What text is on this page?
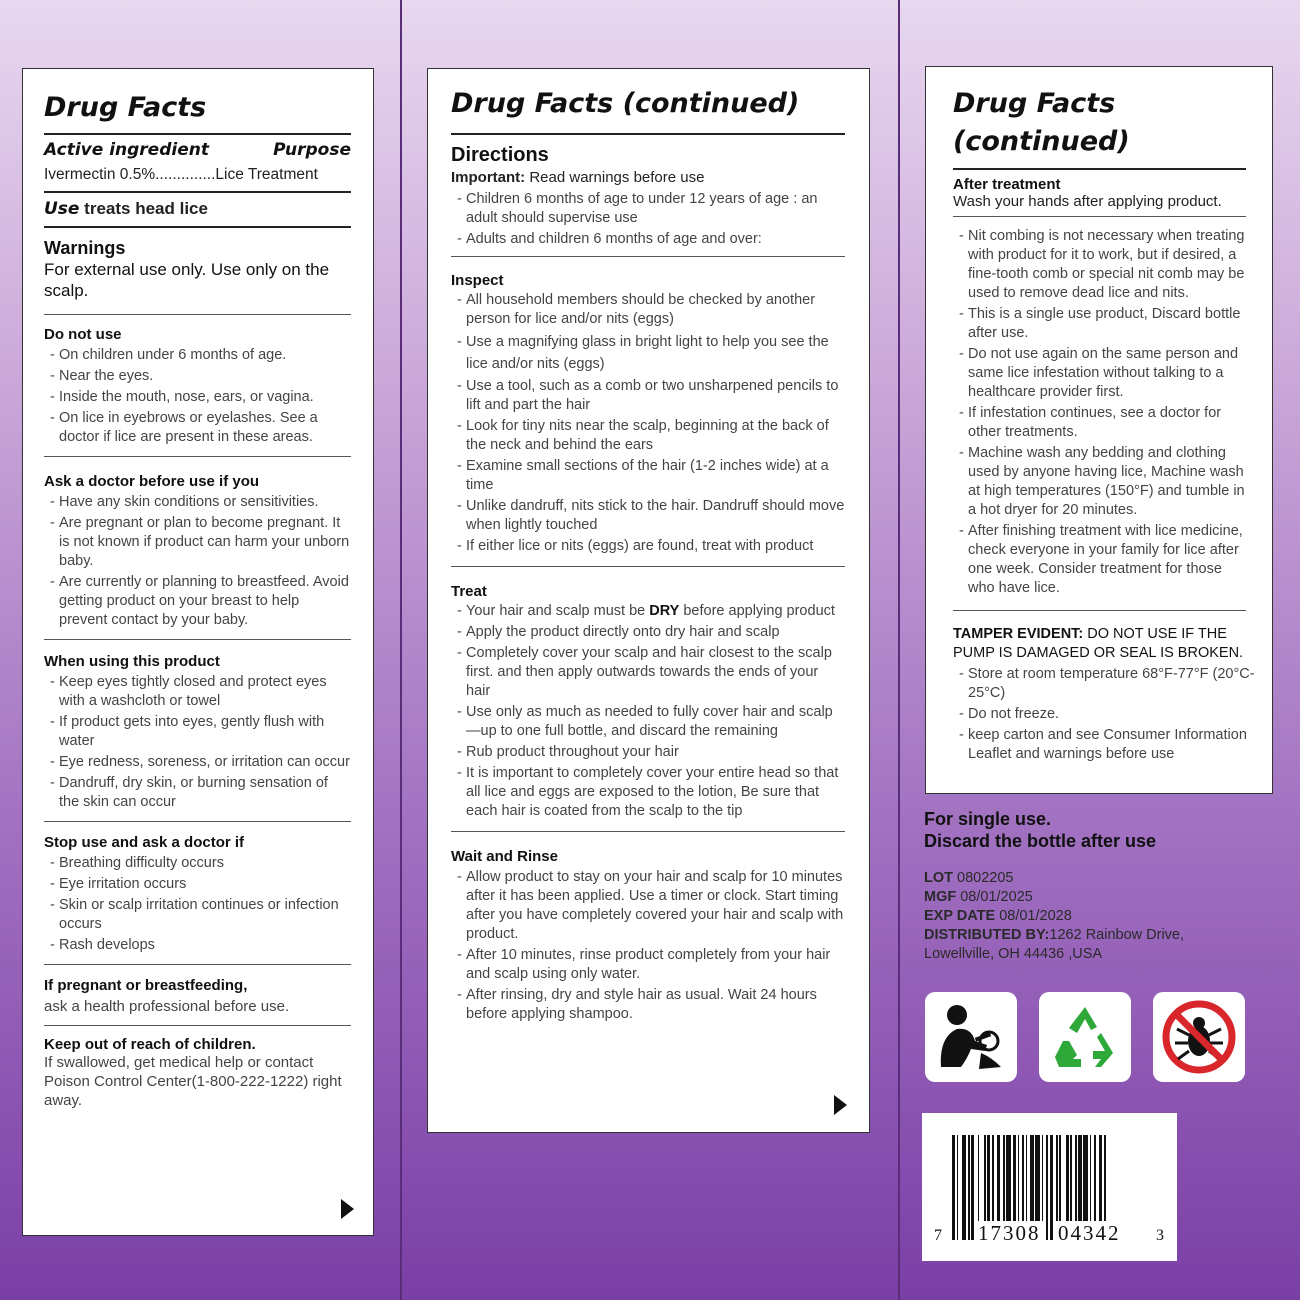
Drug Facts
Active ingredient	Purpose
Ivermectin 0.5%..............Lice Treatment
Use treats head lice
Warnings
For external use only. Use only on the scalp.
Do not use
- On children under 6 months of age.
- Near the eyes.
- Inside the mouth, nose, ears, or vagina.
- On lice in eyebrows or eyelashes. See a doctor if lice are present in these areas.
Ask a doctor before use if you
- Have any skin conditions or sensitivities.
- Are pregnant or plan to become pregnant. It is not known if product can harm your unborn baby.
- Are currently or planning to breastfeed. Avoid getting product on your breast to help prevent contact by your baby.
When using this product
- Keep eyes tightly closed and protect eyes with a washcloth or towel
- If product gets into eyes, gently flush with water
- Eye redness, soreness, or irritation can occur
- Dandruff, dry skin, or burning sensation of the skin can occur
Stop use and ask a doctor if
- Breathing difficulty occurs
- Eye irritation occurs
- Skin or scalp irritation continues or infection occurs
- Rash develops
If pregnant or breastfeeding,
ask a health professional before use.
Keep out of reach of children.
If swallowed, get medical help or contact Poison Control Center(1-800-222-1222) right away.
Drug Facts (continued)
Directions
Important: Read warnings before use
- Children 6 months of age to under 12 years of age : an adult should supervise use
- Adults and children 6 months of age and over:
Inspect
- All household members should be checked by another person for lice and/or nits (eggs)
- Use a magnifying glass in bright light to help you see the lice and/or nits (eggs)
- Use a tool, such as a comb or two unsharpened pencils to lift and part the hair
- Look for tiny nits near the scalp, beginning at the back of the neck and behind the ears
- Examine small sections of the hair (1-2 inches wide) at a time
- Unlike dandruff, nits stick to the hair. Dandruff should move when lightly touched
- If either lice or nits (eggs) are found, treat with product
Treat
- Your hair and scalp must be DRY before applying product
- Apply the product directly onto dry hair and scalp
- Completely cover your scalp and hair closest to the scalp first. and then apply outwards towards the ends of your hair
- Use only as much as needed to fully cover hair and scalp—up to one full bottle, and discard the remaining
- Rub product throughout your hair
- It is important to completely cover your entire head so that all lice and eggs are exposed to the lotion, Be sure that each hair is coated from the scalp to the tip
Wait and Rinse
- Allow product to stay on your hair and scalp for 10 minutes after it has been applied. Use a timer or clock. Start timing after you have completely covered your hair and scalp with product.
- After 10 minutes, rinse product completely from your hair and scalp using only water.
- After rinsing, dry and style hair as usual. Wait 24 hours before applying shampoo.
Drug Facts (continued)
After treatment
Wash your hands after applying product.
- Nit combing is not necessary when treating with product for it to work, but if desired, a fine-tooth comb or special nit comb may be used to remove dead lice and nits.
- This is a single use product, Discard bottle after use.
- Do not use again on the same person and same lice infestation without talking to a healthcare provider first.
- If infestation continues, see a doctor for other treatments.
- Machine wash any bedding and clothing used by anyone having lice, Machine wash at high temperatures (150°F) and tumble in a hot dryer for 20 minutes.
- After finishing treatment with lice medicine, check everyone in your family for lice after one week. Consider treatment for those who have lice.
TAMPER EVIDENT: DO NOT USE IF THE PUMP IS DAMAGED OR SEAL IS BROKEN.
- Store at room temperature 68°F-77°F (20°C-25°C)
- Do not freeze.
- keep carton and see Consumer Information Leaflet and warnings before use
For single use.
Discard the bottle after use
LOT 0802205
MGF 08/01/2025
EXP DATE 08/01/2028
DISTRIBUTED BY:1262 Rainbow Drive,
Lowellville, OH 44436 ,USA
7 17308 04342 3
